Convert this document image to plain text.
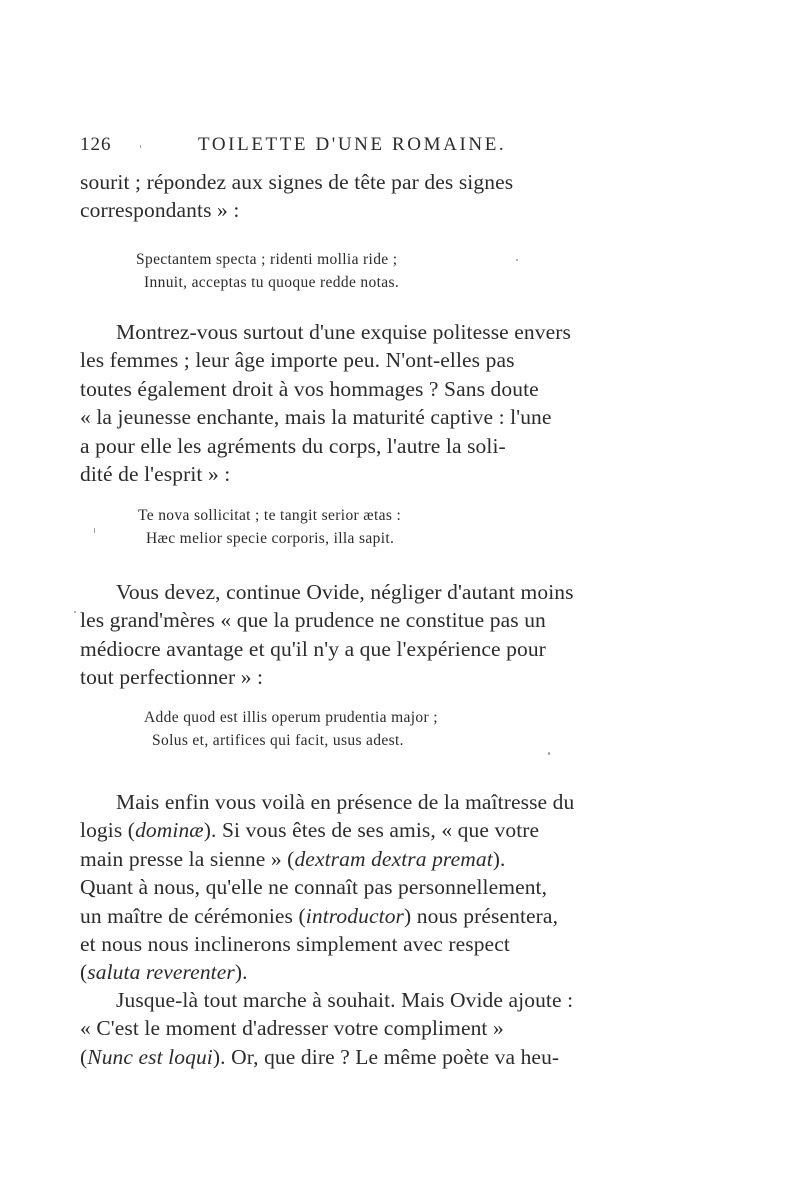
126	TOILETTE D'UNE ROMAINE.
sourit ; répondez aux signes de tête par des signes
correspondants » :
Spectantem specta ; ridenti mollia ride ;
Innuit, acceptas tu quoque redde notas.
Montrez-vous surtout d'une exquise politesse envers
les femmes ; leur âge importe peu. N'ont-elles pas
toutes également droit à vos hommages ? Sans doute
« la jeunesse enchante, mais la maturité captive : l'une
a pour elle les agréments du corps, l'autre la soli-
dité de l'esprit » :
Te nova sollicitat ; te tangit serior ætas :
Hæc melior specie corporis, illa sapit.
Vous devez, continue Ovide, négliger d'autant moins
les grand'mères « que la prudence ne constitue pas un
médiocre avantage et qu'il n'y a que l'expérience pour
tout perfectionner » :
Adde quod est illis operum prudentia major ;
Solus et, artifices qui facit, usus adest.
Mais enfin vous voilà en présence de la maîtresse du
logis (dominæ). Si vous êtes de ses amis, « que votre
main presse la sienne » (dextram dextra premat).
Quant à nous, qu'elle ne connaît pas personnellement,
un maître de cérémonies (introductor) nous présentera,
et nous nous inclinerons simplement avec respect
(saluta reverenter).
Jusque-là tout marche à souhait. Mais Ovide ajoute :
« C'est le moment d'adresser votre compliment »
(Nunc est loqui). Or, que dire ? Le même poète va heu-
